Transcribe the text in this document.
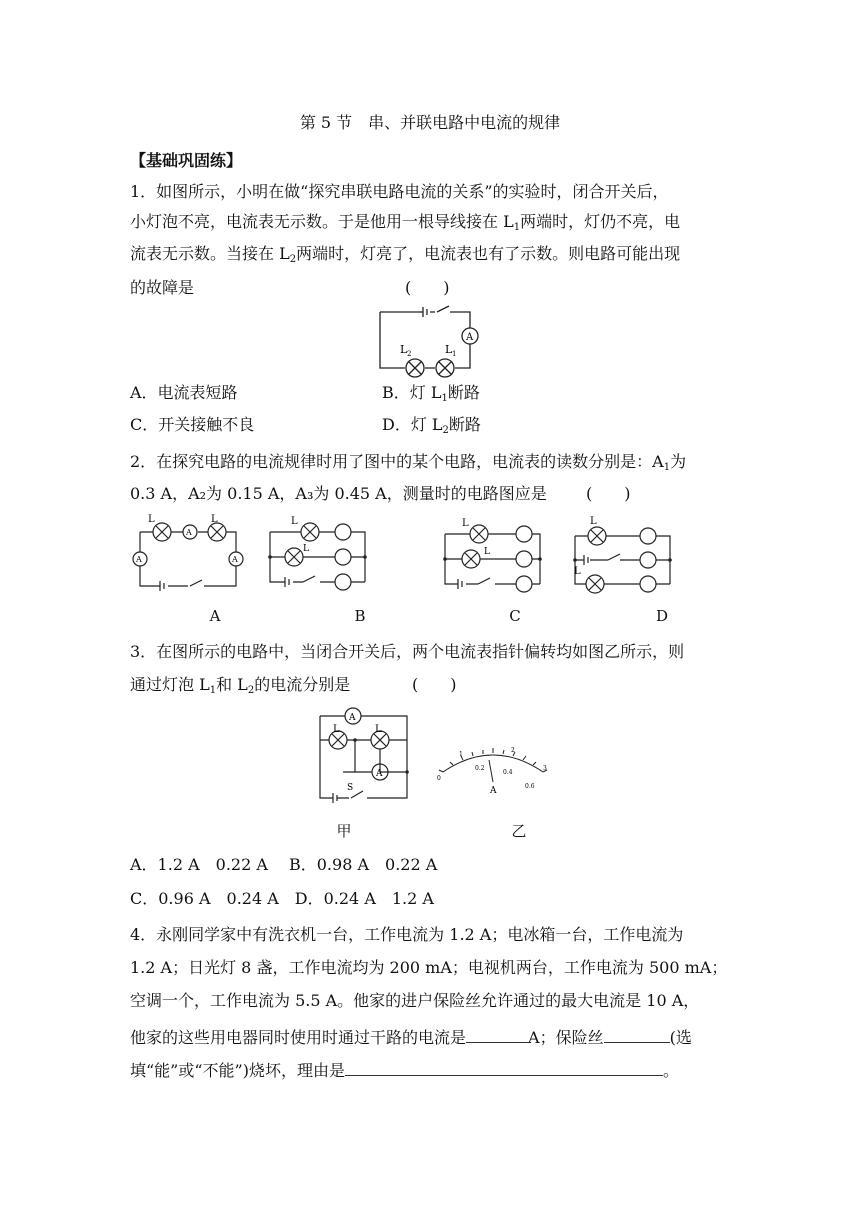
第 5 节　串、并联电路中电流的规律
【基础巩固练】
1．如图所示，小明在做“探究串联电路电流的关系”的实验时，闭合开关后，
小灯泡不亮，电流表无示数。于是他用一根导线接在 $L_1$两端时，灯仍不亮，电
流表无示数。当接在 $L_2$两端时，灯亮了，电流表也有了示数。则电路可能出现
的故障是	(　　)
A
L 2	L 1
A．电流表短路	B．灯 $L_1$断路
C．开关接触不良	D．灯 $L_2$断路
2．在探究电路的电流规律时用了图中的某个电路，电流表的读数分别是：$A_1$为
0.3 A，A₂为 0.15 A，A₃为 0.45 A，测量时的电路图应是 (　　)
L	L
A
A	A
A
L
L
B
L
L
C
L
L
D
3．在图所示的电路中，当闭合开关后，两个电流表指针偏转均如图乙所示，则
通过灯泡 $L_1$和 $L_2$的电流分别是	(　　)
A
L	L
A
S
甲
0
1
2
3
0.2
0.4
0.6
A
乙
A．1.2 A　0.22 A　 B．0.98 A　0.22 A
C．0.96 A　0.24 A　D．0.24 A　1.2 A
4．永刚同学家中有洗衣机一台，工作电流为 1.2 A；电冰箱一台，工作电流为
1.2 A；日光灯 8 盏，工作电流均为 200 mA；电视机两台，工作电流为 500 mA；
空调一个，工作电流为 5.5 A。他家的进户保险丝允许通过的最大电流是 10 A，
他家的这些用电器同时使用时通过干路的电流是	A；保险丝	(选
填“能”或“不能”)烧坏，理由是	。
